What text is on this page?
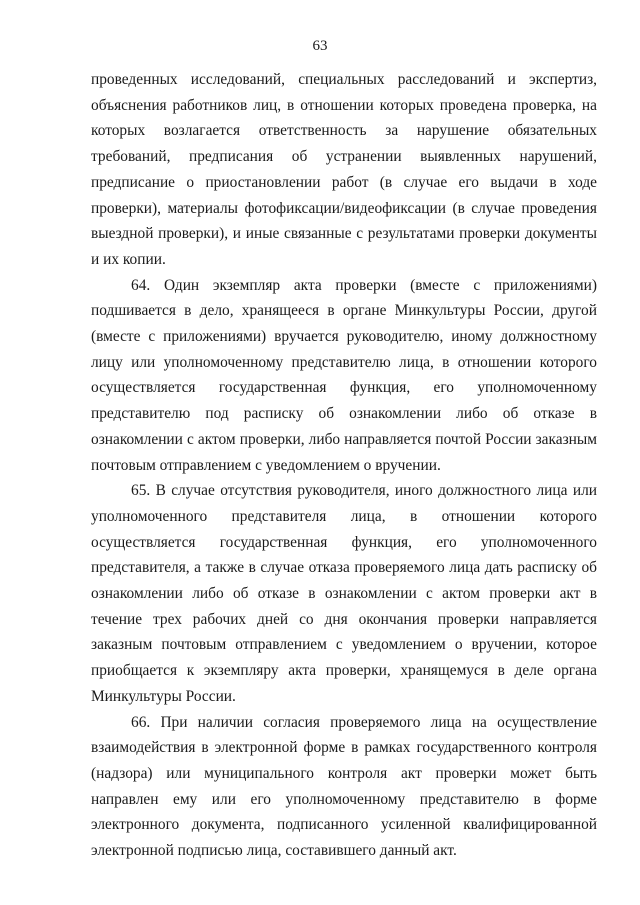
63

проведенных исследований, специальных расследований и экспертиз, объяснения работников лиц, в отношении которых проведена проверка, на которых возлагается ответственность за нарушение обязательных требований, предписания об устранении выявленных нарушений, предписание о приостановлении работ (в случае его выдачи в ходе проверки), материалы фотофиксации/видеофиксации (в случае проведения выездной проверки), и иные связанные с результатами проверки документы и их копии.

64. Один экземпляр акта проверки (вместе с приложениями) подшивается в дело, хранящееся в органе Минкультуры России, другой (вместе с приложениями) вручается руководителю, иному должностному лицу или уполномоченному представителю лица, в отношении которого осуществляется государственная функция, его уполномоченному представителю под расписку об ознакомлении либо об отказе в ознакомлении с актом проверки, либо направляется почтой России заказным почтовым отправлением с уведомлением о вручении.

65. В случае отсутствия руководителя, иного должностного лица или уполномоченного представителя лица, в отношении которого осуществляется государственная функция, его уполномоченного представителя, а также в случае отказа проверяемого лица дать расписку об ознакомлении либо об отказе в ознакомлении с актом проверки акт в течение трех рабочих дней со дня окончания проверки направляется заказным почтовым отправлением с уведомлением о вручении, которое приобщается к экземпляру акта проверки, хранящемуся в деле органа Минкультуры России.

66. При наличии согласия проверяемого лица на осуществление взаимодействия в электронной форме в рамках государственного контроля (надзора) или муниципального контроля акт проверки может быть направлен ему или его уполномоченному представителю в форме электронного документа, подписанного усиленной квалифицированной электронной подписью лица, составившего данный акт.
